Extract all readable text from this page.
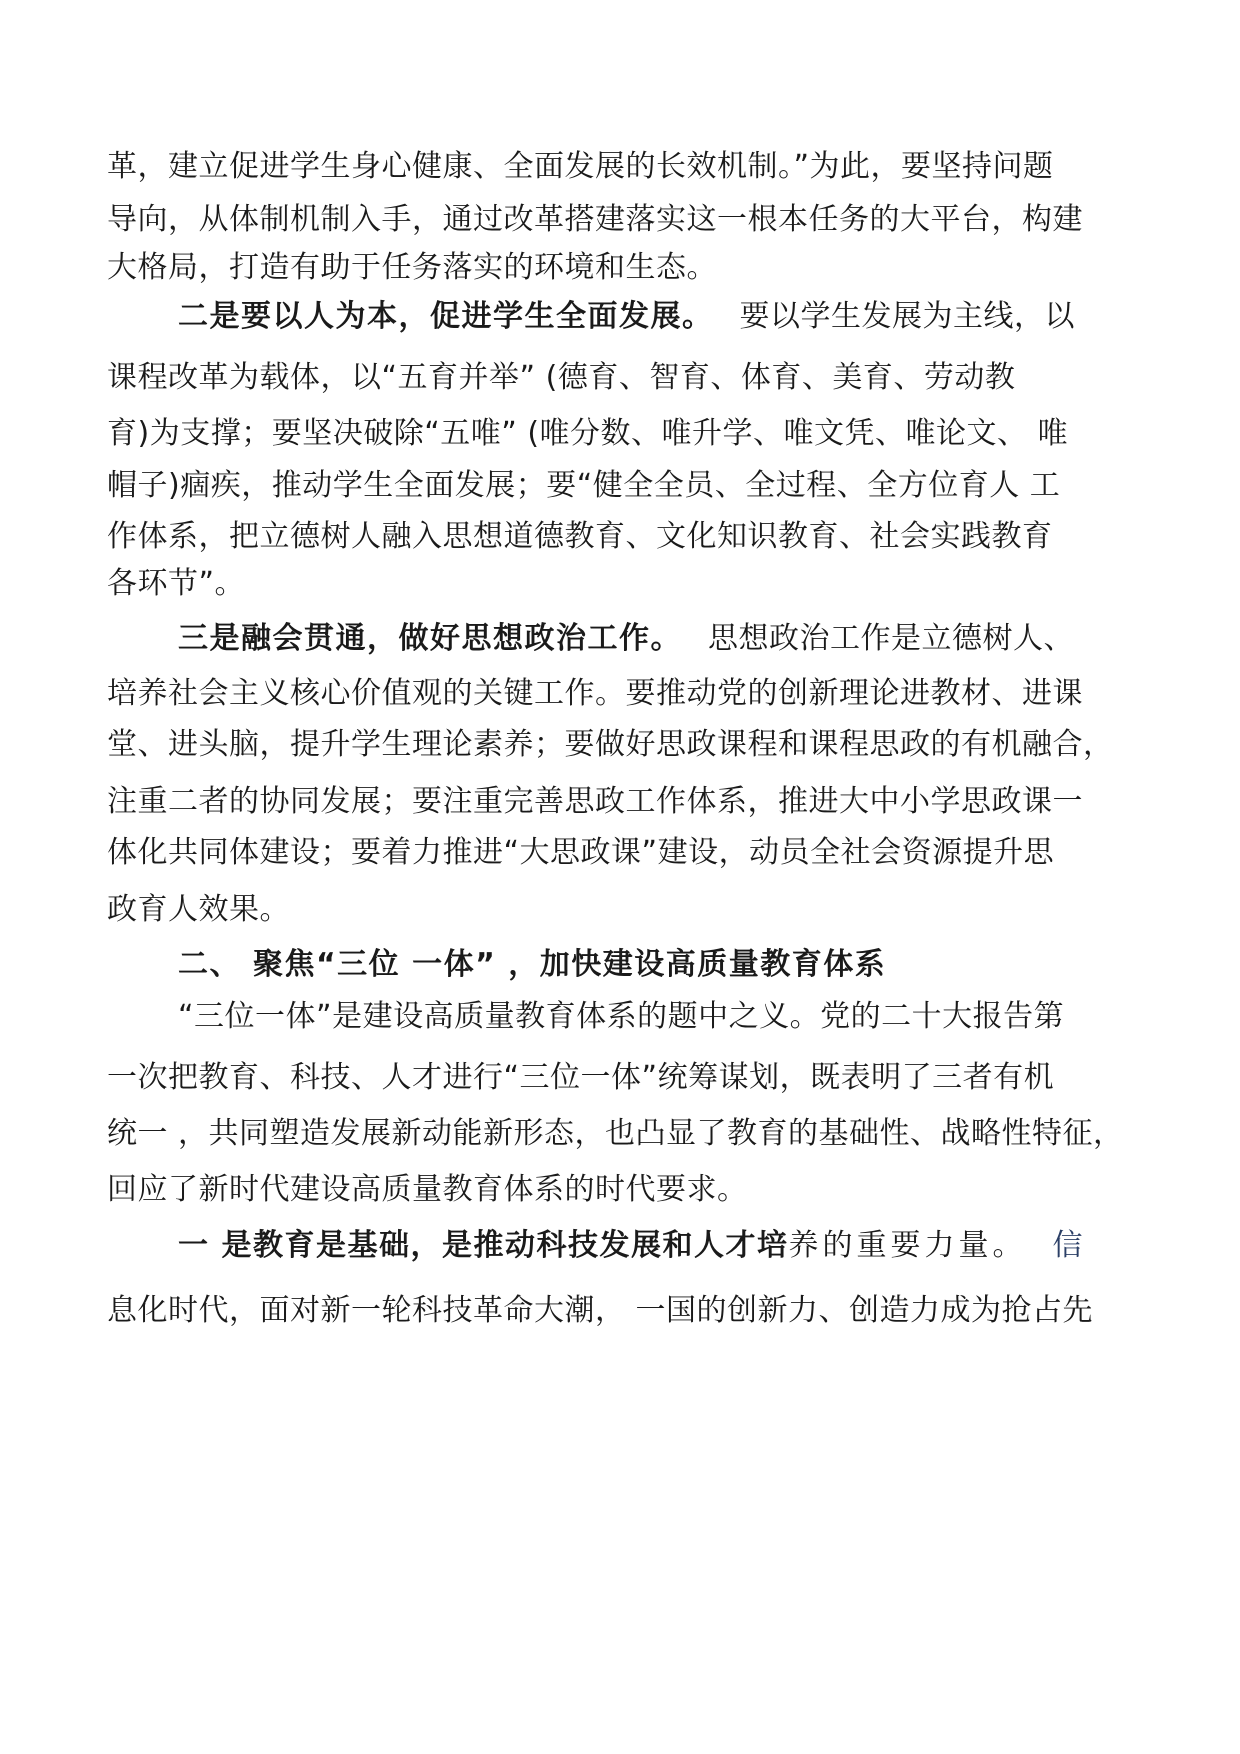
革，建立促进学生身心健康、全面发展的长效机制。”为此，要坚持问题
导向，从体制机制入手，通过改革搭建落实这一根本任务的大平台，构建
大格局，打造有助于任务落实的环境和生态。
二是要以人为本，促进学生全面发展。 要以学生发展为主线，以
课程改革为载体，以“五育并举” (德育、智育、体育、美育、劳动教
育)为支撑；要坚决破除“五唯” (唯分数、唯升学、唯文凭、唯论文、 唯
帽子)痼疾，推动学生全面发展；要“健全全员、全过程、全方位育人 工
作体系，把立德树人融入思想道德教育、文化知识教育、社会实践教育
各环节”。
三是融会贯通，做好思想政治工作。 思想政治工作是立德树人、
培养社会主义核心价值观的关键工作。要推动党的创新理论进教材、进课
堂、进头脑，提升学生理论素养；要做好思政课程和课程思政的有机融合，
注重二者的协同发展；要注重完善思政工作体系，推进大中小学思政课一
体化共同体建设；要着力推进“大思政课”建设，动员全社会资源提升思
政育人效果。
二、 聚焦“三位 一体” ，加快建设高质量教育体系
“三位一体”是建设高质量教育体系的题中之义。党的二十大报告第
一次把教育、科技、人才进行“三位一体”统筹谋划，既表明了三者有机
统一 ，共同塑造发展新动能新形态，也凸显了教育的基础性、战略性特征，
回应了新时代建设高质量教育体系的时代要求。
一 是教育是基础，是推动科技发展和人才培养的重要力量。 信
息化时代，面对新一轮科技革命大潮， 一国的创新力、创造力成为抢占先
